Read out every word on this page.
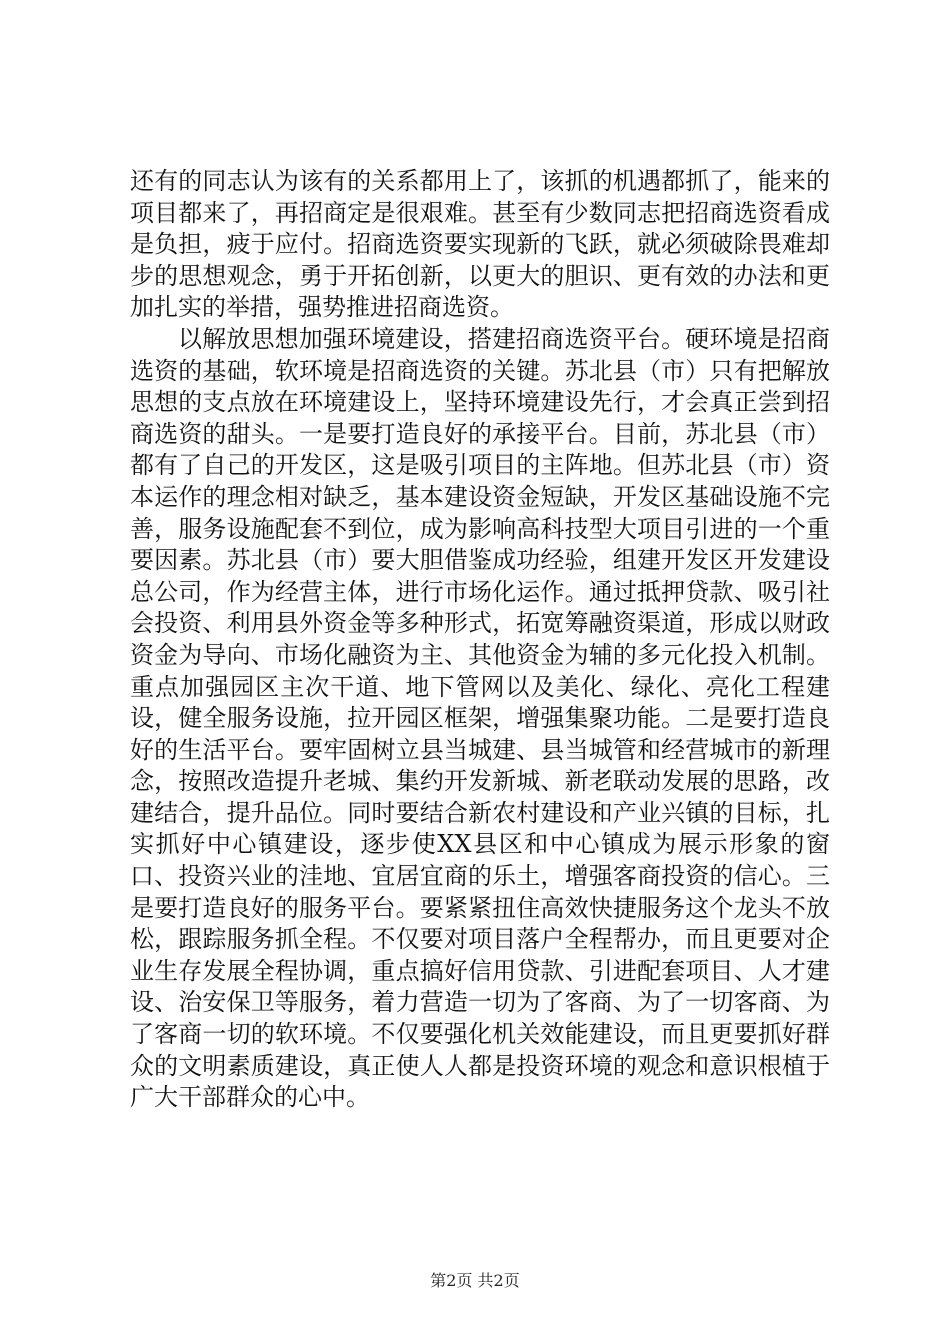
还有的同志认为该有的关系都用上了，该抓的机遇都抓了，能来的项目都来了，再招商定是很艰难。甚至有少数同志把招商选资看成是负担，疲于应付。招商选资要实现新的飞跃，就必须破除畏难却步的思想观念，勇于开拓创新，以更大的胆识、更有效的办法和更加扎实的举措，强势推进招商选资。

以解放思想加强环境建设，搭建招商选资平台。硬环境是招商选资的基础，软环境是招商选资的关键。苏北县（市）只有把解放思想的支点放在环境建设上，坚持环境建设先行，才会真正尝到招商选资的甜头。一是要打造良好的承接平台。目前，苏北县（市）都有了自己的开发区，这是吸引项目的主阵地。但苏北县（市）资本运作的理念相对缺乏，基本建设资金短缺，开发区基础设施不完善，服务设施配套不到位，成为影响高科技型大项目引进的一个重要因素。苏北县（市）要大胆借鉴成功经验，组建开发区开发建设总公司，作为经营主体，进行市场化运作。通过抵押贷款、吸引社会投资、利用县外资金等多种形式，拓宽筹融资渠道，形成以财政资金为导向、市场化融资为主、其他资金为辅的多元化投入机制。重点加强园区主次干道、地下管网以及美化、绿化、亮化工程建设，健全服务设施，拉开园区框架，增强集聚功能。二是要打造良好的生活平台。要牢固树立县当城建、县当城管和经营城市的新理念，按照改造提升老城、集约开发新城、新老联动发展的思路，改建结合，提升品位。同时要结合新农村建设和产业兴镇的目标，扎实抓好中心镇建设，逐步使XX县区和中心镇成为展示形象的窗口、投资兴业的洼地、宜居宜商的乐土，增强客商投资的信心。三是要打造良好的服务平台。要紧紧扭住高效快捷服务这个龙头不放松，跟踪服务抓全程。不仅要对项目落户全程帮办，而且更要对企业生存发展全程协调，重点搞好信用贷款、引进配套项目、人才建设、治安保卫等服务，着力营造一切为了客商、为了一切客商、为了客商一切的软环境。不仅要强化机关效能建设，而且更要抓好群众的文明素质建设，真正使人人都是投资环境的观念和意识根植于广大干部群众的心中。

第2页 共2页
